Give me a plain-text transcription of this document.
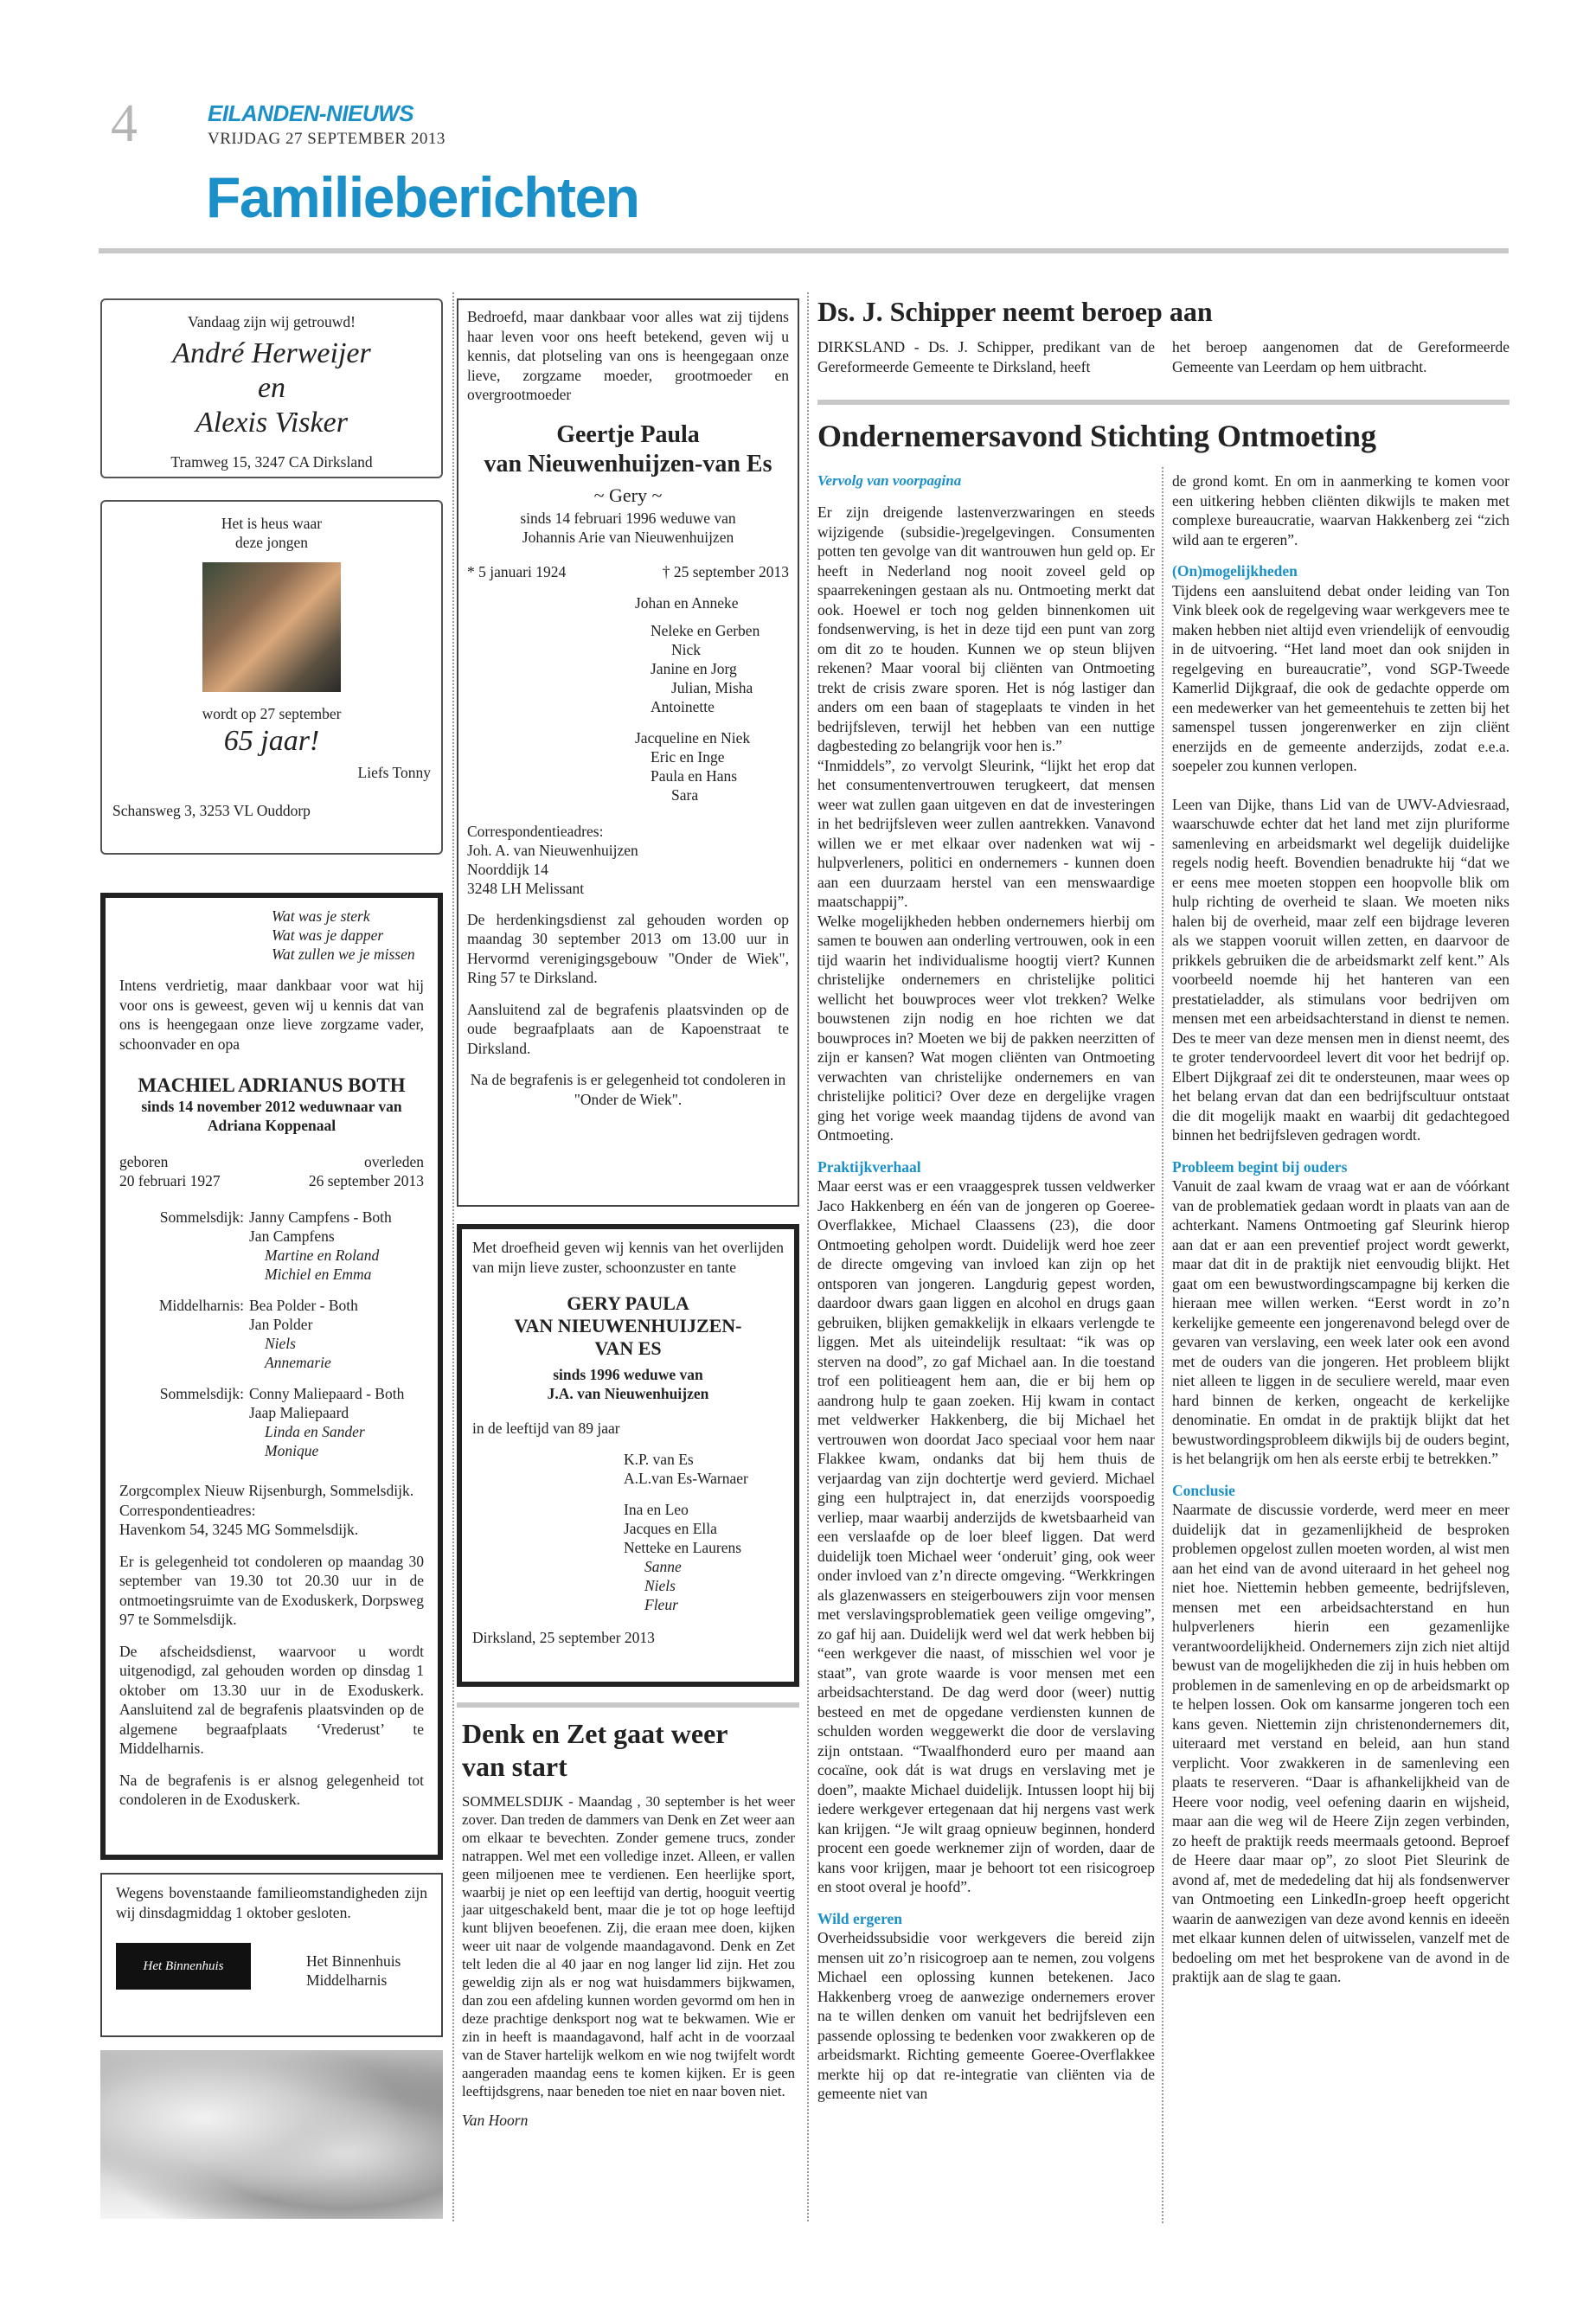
4	EILANDEN-NIEUWS
VRIJDAG 27 SEPTEMBER 2013
Familieberichten

Vandaag zijn wij getrouwd!

André Herweijer

en

Alexis Visker

Tramweg 15, 3247 CA Dirksland

Het is heus waar

deze jongen

wordt op 27 september

65 jaar!

Liefs Tonny

Schansweg 3, 3253 VL Ouddorp

Wat was je sterk

Wat was je dapper

Wat zullen we je missen

Intens verdrietig, maar dankbaar voor wat hij voor ons is geweest, geven wij u kennis dat van ons is heengegaan onze lieve zorgzame vader, schoonvader en opa

MACHIEL ADRIANUS BOTH

sinds 14 november 2012 weduwnaar van

Adriana Koppenaal

geboren	overleden
20 februari 1927	26 september 2013
Sommelsdijk: Janny Campfens - Both

Jan Campfens

Martine en Roland

Michiel en Emma

Middelharnis: Bea Polder - Both

Jan Polder

Niels

Annemarie

Sommelsdijk: Conny Maliepaard - Both

Jaap Maliepaard

Linda en Sander

Monique

Zorgcomplex Nieuw Rijsenburgh, Sommelsdijk.

Correspondentieadres:

Havenkom 54, 3245 MG Sommelsdijk.

Er is gelegenheid tot condoleren op maandag 30 september van 19.30 tot 20.30 uur in de ontmoetingsruimte van de Exoduskerk, Dorpsweg 97 te Sommelsdijk.

De afscheidsdienst, waarvoor u wordt uitgenodigd, zal gehouden worden op dinsdag 1 oktober om 13.30 uur in de Exoduskerk. Aansluitend zal de begrafenis plaatsvinden op de algemene begraafplaats ‘Vrederust’ te Middelharnis.

Na de begrafenis is er alsnog gelegenheid tot condoleren in de Exoduskerk.

Wegens bovenstaande familieomstandigheden zijn wij dinsdagmiddag 1 oktober gesloten.

Het Binnenhuis	Het Binnenhuis

Middelharnis

Bedroefd, maar dankbaar voor alles wat zij tijdens haar leven voor ons heeft betekend, geven wij u kennis, dat plotseling van ons is heengegaan onze lieve, zorgzame moeder, grootmoeder en overgrootmoeder

Geertje Paula

van Nieuwenhuijzen-van Es

~ Gery ~

sinds 14 februari 1996 weduwe van

Johannis Arie van Nieuwenhuijzen

* 5 januari 1924	† 25 september 2013

Johan en Anneke

Neleke en Gerben

Nick

Janine en Jorg

Julian, Misha

Antoinette

Jacqueline en Niek

Eric en Inge

Paula en Hans

Sara

Correspondentieadres:

Joh. A. van Nieuwenhuijzen

Noorddijk 14

3248 LH Melissant

De herdenkingsdienst zal gehouden worden op maandag 30 september 2013 om 13.00 uur in Hervormd verenigingsgebouw "Onder de Wiek", Ring 57 te Dirksland.

Aansluitend zal de begrafenis plaatsvinden op de oude begraafplaats aan de Kapoenstraat te Dirksland.

Na de begrafenis is er gelegenheid tot condoleren in "Onder de Wiek".

Met droefheid geven wij kennis van het overlijden van mijn lieve zuster, schoonzuster en tante

GERY PAULA

VAN NIEUWENHUIJZEN-

VAN ES

sinds 1996 weduwe van

J.A. van Nieuwenhuijzen

in de leeftijd van 89 jaar

K.P. van Es

A.L.van Es-Warnaer

Ina en Leo

Jacques en Ella

Netteke en Laurens

Sanne

Niels

Fleur

Dirksland, 25 september 2013

Denk en Zet gaat weer

van start

SOMMELSDIJK - Maandag , 30 september is het weer zover. Dan treden de dammers van Denk en Zet weer aan om elkaar te bevechten. Zonder gemene trucs, zonder natrappen. Wel met een volledige inzet. Alleen, er vallen geen miljoenen mee te verdienen. Een heerlijke sport, waarbij je niet op een leeftijd van dertig, hooguit veertig jaar uitgeschakeld bent, maar die je tot op hoge leeftijd kunt blijven beoefenen. Zij, die eraan mee doen, kijken weer uit naar de volgende maandagavond. Denk en Zet telt leden die al 40 jaar en nog langer lid zijn. Het zou geweldig zijn als er nog wat huisdammers bijkwamen, dan zou een afdeling kunnen worden gevormd om hen in deze prachtige denksport nog wat te bekwamen. Wie er zin in heeft is maandagavond, half acht in de voorzaal van de Staver hartelijk welkom en wie nog twijfelt wordt aangeraden maandag eens te komen kijken. Er is geen leeftijdsgrens, naar beneden toe niet en naar boven niet.

Van Hoorn

Ds. J. Schipper neemt beroep aan

DIRKSLAND - Ds. J. Schipper, predikant van de Gereformeerde Gemeente te Dirksland, heeft

het beroep aangenomen dat de Gereformeerde Gemeente van Leerdam op hem uitbracht.

Ondernemersavond Stichting Ontmoeting

Vervolg van voorpagina

Er zijn dreigende lastenverzwaringen en steeds wijzigende (subsidie-)regelgevingen. Consumenten potten ten gevolge van dit wantrouwen hun geld op. Er heeft in Nederland nog nooit zoveel geld op spaarrekeningen gestaan als nu. Ontmoeting merkt dat ook. Hoewel er toch nog gelden binnenkomen uit fondsenwerving, is het in deze tijd een punt van zorg om dit zo te houden. Kunnen we op steun blijven rekenen? Maar vooral bij cliënten van Ontmoeting trekt de crisis zware sporen. Het is nóg lastiger dan anders om een baan of stageplaats te vinden in het bedrijfsleven, terwijl het hebben van een nuttige dagbesteding zo belangrijk voor hen is.”

“Inmiddels”, zo vervolgt Sleurink, “lijkt het erop dat het consumentenvertrouwen terugkeert, dat mensen weer wat zullen gaan uitgeven en dat de investeringen in het bedrijfsleven weer zullen aantrekken. Vanavond willen we er met elkaar over nadenken wat wij - hulpverleners, politici en ondernemers - kunnen doen aan een duurzaam herstel van een menswaardige maatschappij”.

Welke mogelijkheden hebben ondernemers hierbij om samen te bouwen aan onderling vertrouwen, ook in een tijd waarin het individualisme hoogtij viert? Kunnen christelijke ondernemers en christelijke politici wellicht het bouwproces weer vlot trekken? Welke bouwstenen zijn nodig en hoe richten we dat bouwproces in? Moeten we bij de pakken neerzitten of zijn er kansen? Wat mogen cliënten van Ontmoeting verwachten van christelijke ondernemers en van christelijke politici? Over deze en dergelijke vragen ging het vorige week maandag tijdens de avond van Ontmoeting.

Praktijkverhaal

Maar eerst was er een vraaggesprek tussen veldwerker Jaco Hakkenberg en één van de jongeren op Goeree-Overflakkee, Michael Claassens (23), die door Ontmoeting geholpen wordt. Duidelijk werd hoe zeer de directe omgeving van invloed kan zijn op het ontsporen van jongeren. Langdurig gepest worden, daardoor dwars gaan liggen en alcohol en drugs gaan gebruiken, blijken gemakkelijk in elkaars verlengde te liggen. Met als uiteindelijk resultaat: “ik was op sterven na dood”, zo gaf Michael aan. In die toestand trof een politieagent hem aan, die er bij hem op aandrong hulp te gaan zoeken. Hij kwam in contact met veldwerker Hakkenberg, die bij Michael het vertrouwen won doordat Jaco speciaal voor hem naar Flakkee kwam, ondanks dat bij hem thuis de verjaardag van zijn dochtertje werd gevierd. Michael ging een hulptraject in, dat enerzijds voorspoedig verliep, maar waarbij anderzijds de kwetsbaarheid van een verslaafde op de loer bleef liggen. Dat werd duidelijk toen Michael weer ‘onderuit’ ging, ook weer onder invloed van z’n directe omgeving. “Werkkringen als glazenwassers en steigerbouwers zijn voor mensen met verslavingsproblematiek geen veilige omgeving”, zo gaf hij aan. Duidelijk werd wel dat werk hebben bij “een werkgever die naast, of misschien wel voor je staat”, van grote waarde is voor mensen met een arbeidsachterstand. De dag werd door (weer) nuttig besteed en met de opgedane verdiensten kunnen de schulden worden weggewerkt die door de verslaving zijn ontstaan. “Twaalfhonderd euro per maand aan cocaïne, ook dát is wat drugs en verslaving met je doen”, maakte Michael duidelijk. Intussen loopt hij bij iedere werkgever ertegenaan dat hij nergens vast werk kan krijgen. “Je wilt graag opnieuw beginnen, honderd procent een goede werknemer zijn of worden, daar de kans voor krijgen, maar je behoort tot een risicogroep en stoot overal je hoofd”.

Wild ergeren

Overheidssubsidie voor werkgevers die bereid zijn mensen uit zo’n risicogroep aan te nemen, zou volgens Michael een oplossing kunnen betekenen. Jaco Hakkenberg vroeg de aanwezige ondernemers erover na te willen denken om vanuit het bedrijfsleven een passende oplossing te bedenken voor zwakkeren op de arbeidsmarkt. Richting gemeente Goeree-Overflakkee merkte hij op dat re-integratie van cliënten via de gemeente niet van

de grond komt. En om in aanmerking te komen voor een uitkering hebben cliënten dikwijls te maken met complexe bureaucratie, waarvan Hakkenberg zei “zich wild aan te ergeren”.

(On)mogelijkheden

Tijdens een aansluitend debat onder leiding van Ton Vink bleek ook de regelgeving waar werkgevers mee te maken hebben niet altijd even vriendelijk of eenvoudig in de uitvoering. “Het land moet dan ook snijden in regelgeving en bureaucratie”, vond SGP-Tweede Kamerlid Dijkgraaf, die ook de gedachte opperde om een medewerker van het gemeentehuis te zetten bij het samenspel tussen jongerenwerker en zijn cliënt enerzijds en de gemeente anderzijds, zodat e.e.a. soepeler zou kunnen verlopen.

Leen van Dijke, thans Lid van de UWV-Adviesraad, waarschuwde echter dat het land met zijn pluriforme samenleving en arbeidsmarkt wel degelijk duidelijke regels nodig heeft. Bovendien benadrukte hij “dat we er eens mee moeten stoppen een hoopvolle blik om hulp richting de overheid te slaan. We moeten niks halen bij de overheid, maar zelf een bijdrage leveren als we stappen vooruit willen zetten, en daarvoor de prikkels gebruiken die de arbeidsmarkt zelf kent.” Als voorbeeld noemde hij het hanteren van een prestatieladder, als stimulans voor bedrijven om mensen met een arbeidsachterstand in dienst te nemen. Des te meer van deze mensen men in dienst neemt, des te groter tendervoordeel levert dit voor het bedrijf op. Elbert Dijkgraaf zei dit te ondersteunen, maar wees op het belang ervan dat dan een bedrijfscultuur ontstaat die dit mogelijk maakt en waarbij dit gedachtegoed binnen het bedrijfsleven gedragen wordt.

Probleem begint bij ouders

Vanuit de zaal kwam de vraag wat er aan de vóórkant van de problematiek gedaan wordt in plaats van aan de achterkant. Namens Ontmoeting gaf Sleurink hierop aan dat er aan een preventief project wordt gewerkt, maar dat dit in de praktijk niet eenvoudig blijkt. Het gaat om een bewustwordingscampagne bij kerken die hieraan mee willen werken. “Eerst wordt in zo’n kerkelijke gemeente een jongerenavond belegd over de gevaren van verslaving, een week later ook een avond met de ouders van die jongeren. Het probleem blijkt niet alleen te liggen in de seculiere wereld, maar even hard binnen de kerken, ongeacht de kerkelijke denominatie. En omdat in de praktijk blijkt dat het bewustwordingsprobleem dikwijls bij de ouders begint, is het belangrijk om hen als eerste erbij te betrekken.”

Conclusie

Naarmate de discussie vorderde, werd meer en meer duidelijk dat in gezamenlijkheid de besproken problemen opgelost zullen moeten worden, al wist men aan het eind van de avond uiteraard in het geheel nog niet hoe. Niettemin hebben gemeente, bedrijfsleven, mensen met een arbeidsachterstand en hun hulpverleners hierin een gezamenlijke verantwoordelijkheid. Ondernemers zijn zich niet altijd bewust van de mogelijkheden die zij in huis hebben om problemen in de samenleving en op de arbeidsmarkt op te helpen lossen. Ook om kansarme jongeren toch een kans geven. Niettemin zijn christenondernemers dit, uiteraard met verstand en beleid, aan hun stand verplicht. Voor zwakkeren in de samenleving een plaats te reserveren. “Daar is afhankelijkheid van de Heere voor nodig, veel oefening daarin en wijsheid, maar aan die weg wil de Heere Zijn zegen verbinden, zo heeft de praktijk reeds meermaals getoond. Beproef de Heere daar maar op”, zo sloot Piet Sleurink de avond af, met de mededeling dat hij als fondsenwerver van Ontmoeting een LinkedIn-groep heeft opgericht waarin de aanwezigen van deze avond kennis en ideeën met elkaar kunnen delen of uitwisselen, vanzelf met de bedoeling om met het besprokene van de avond in de praktijk aan de slag te gaan.
